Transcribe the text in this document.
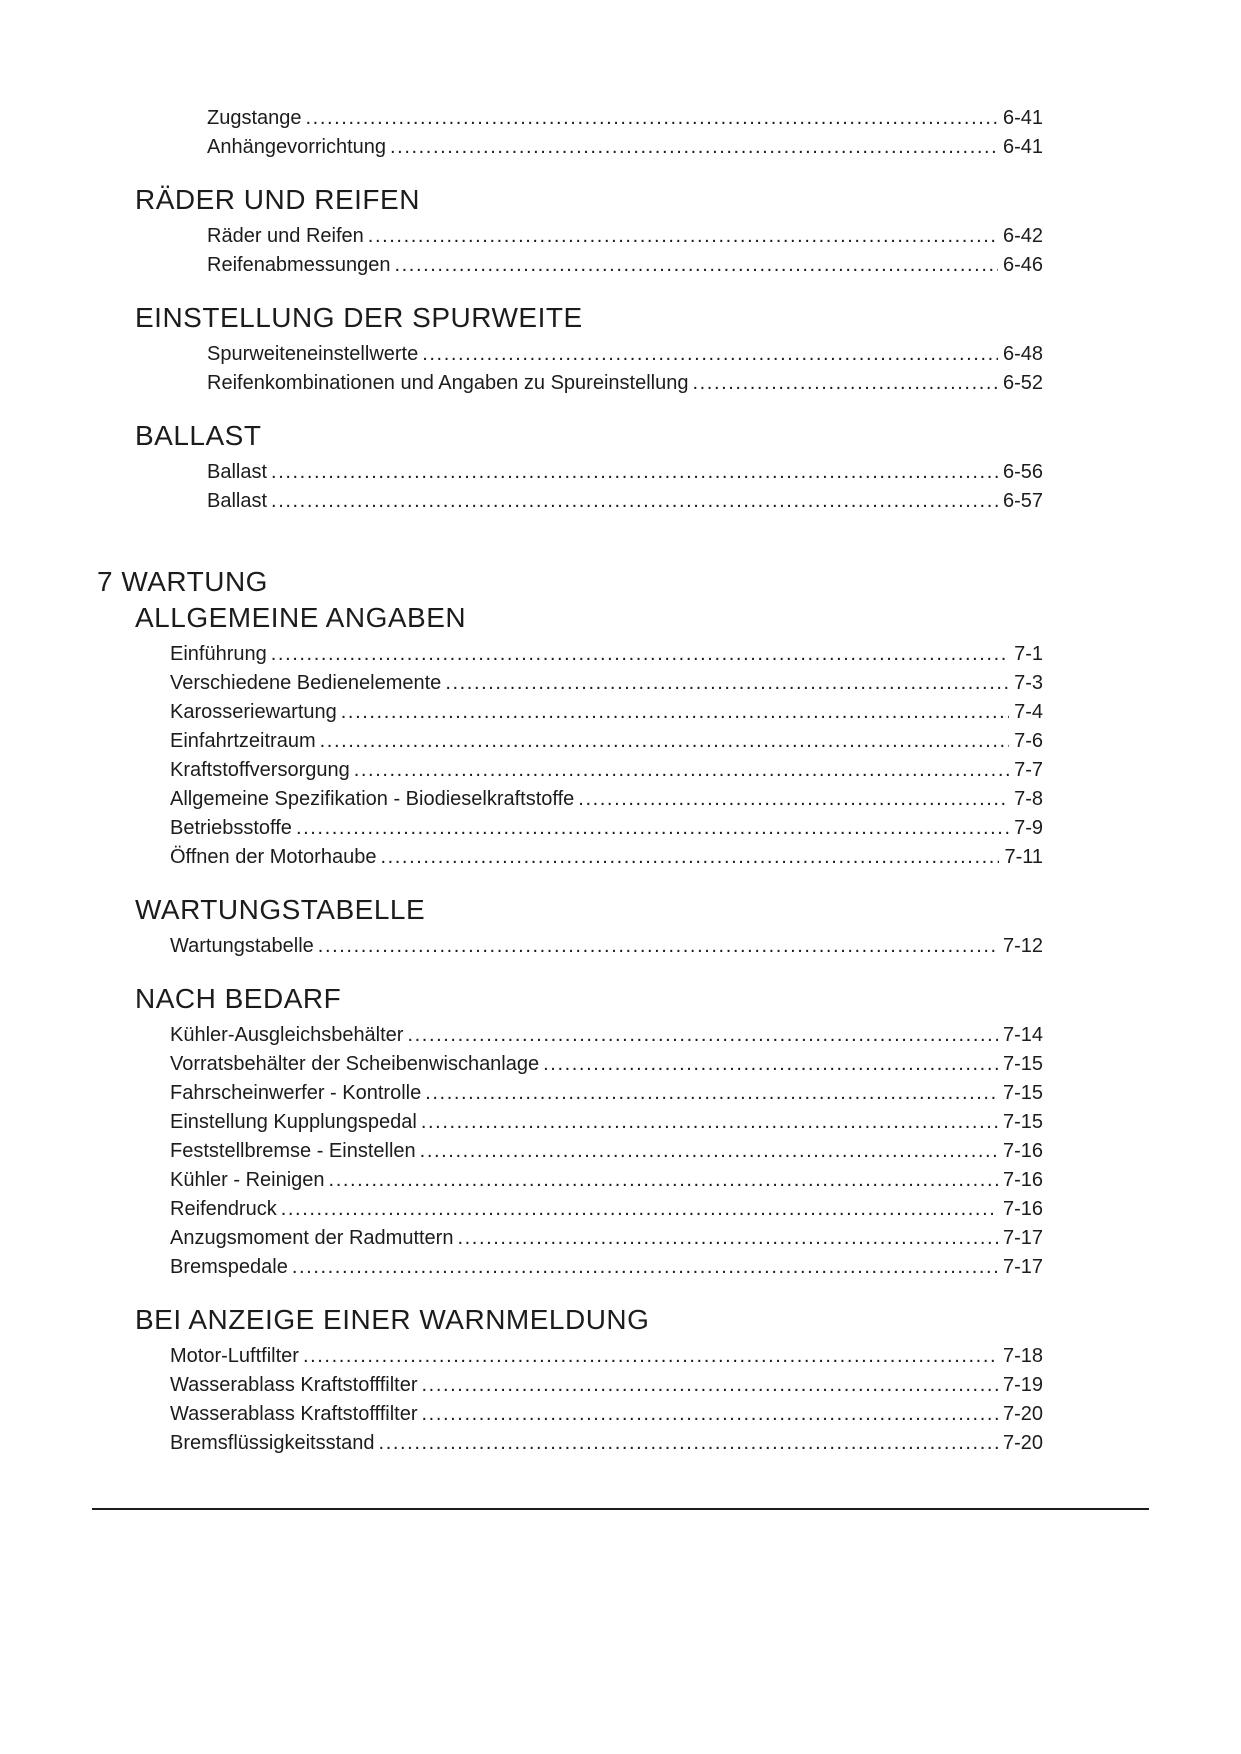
Zugstange .....	6-41
Anhängevorrichtung .....	6-41
RÄDER UND REIFEN
Räder und Reifen .....	6-42
Reifenabmessungen .....	6-46
EINSTELLUNG DER SPURWEITE
Spurweiteneinstellwerte .....	6-48
Reifenkombinationen und Angaben zu Spureinstellung .....	6-52
BALLAST
Ballast .....	6-56
Ballast .....	6-57
7 WARTUNG
ALLGEMEINE ANGABEN
Einführung .....	7-1
Verschiedene Bedienelemente .....	7-3
Karosseriewartung .....	7-4
Einfahrtzeitraum .....	7-6
Kraftstoffversorgung .....	7-7
Allgemeine Spezifikation - Biodieselkraftstoffe .....	7-8
Betriebsstoffe .....	7-9
Öffnen der Motorhaube .....	7-11
WARTUNGSTABELLE
Wartungstabelle .....	7-12
NACH BEDARF
Kühler-Ausgleichsbehälter .....	7-14
Vorratsbehälter der Scheibenwischanlage .....	7-15
Fahrscheinwerfer - Kontrolle .....	7-15
Einstellung Kupplungspedal .....	7-15
Feststellbremse - Einstellen .....	7-16
Kühler - Reinigen .....	7-16
Reifendruck .....	7-16
Anzugsmoment der Radmuttern .....	7-17
Bremspedale .....	7-17
BEI ANZEIGE EINER WARNMELDUNG
Motor-Luftfilter .....	7-18
Wasserablass Kraftstofffilter .....	7-19
Wasserablass Kraftstofffilter .....	7-20
Bremsflüssigkeitsstand .....	7-20
